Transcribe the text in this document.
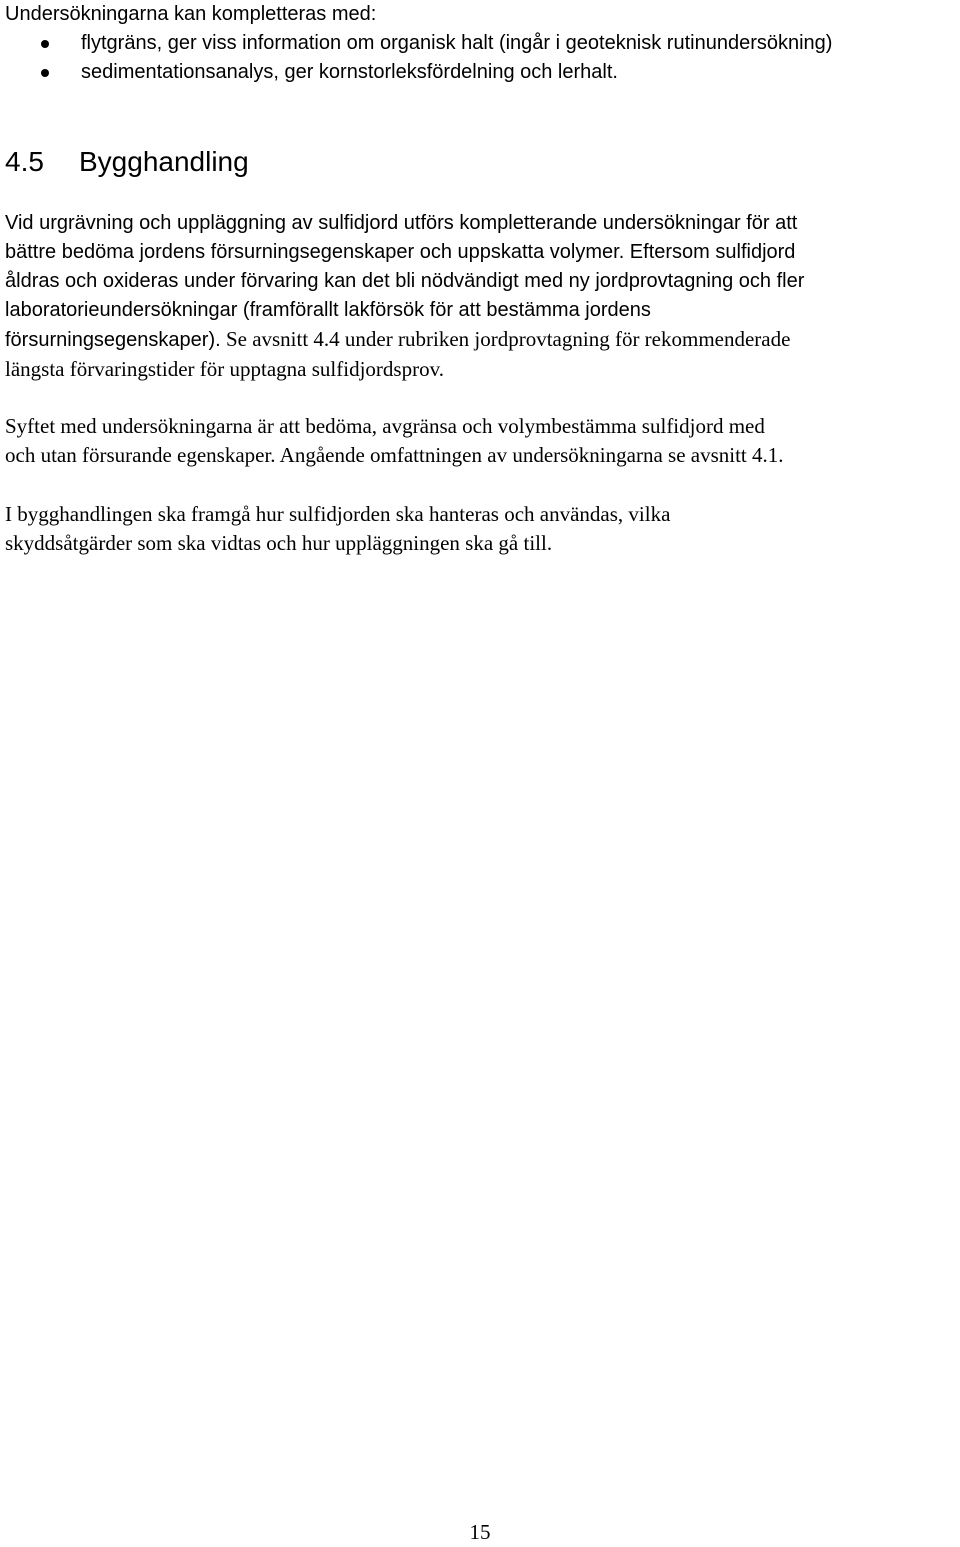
Undersökningarna kan kompletteras med:
flytgräns, ger viss information om organisk halt (ingår i geoteknisk rutinundersökning)
sedimentationsanalys, ger kornstorleksfördelning och lerhalt.
4.5 Bygghandling
Vid urgrävning och uppläggning av sulfidjord utförs kompletterande undersökningar för att
bättre bedöma jordens försurningsegenskaper och uppskatta volymer. Eftersom sulfidjord
åldras och oxideras under förvaring kan det bli nödvändigt med ny jordprovtagning och fler
laboratorieundersökningar (framförallt lakförsök för att bestämma jordens
försurningsegenskaper). Se avsnitt 4.4 under rubriken jordprovtagning för rekommenderade
längsta förvaringstider för upptagna sulfidjordsprov.
Syftet med undersökningarna är att bedöma, avgränsa och volymbestämma sulfidjord med
och utan försurande egenskaper. Angående omfattningen av undersökningarna se avsnitt 4.1.
I bygghandlingen ska framgå hur sulfidjorden ska hanteras och användas, vilka
skyddsåtgärder som ska vidtas och hur uppläggningen ska gå till.
15
